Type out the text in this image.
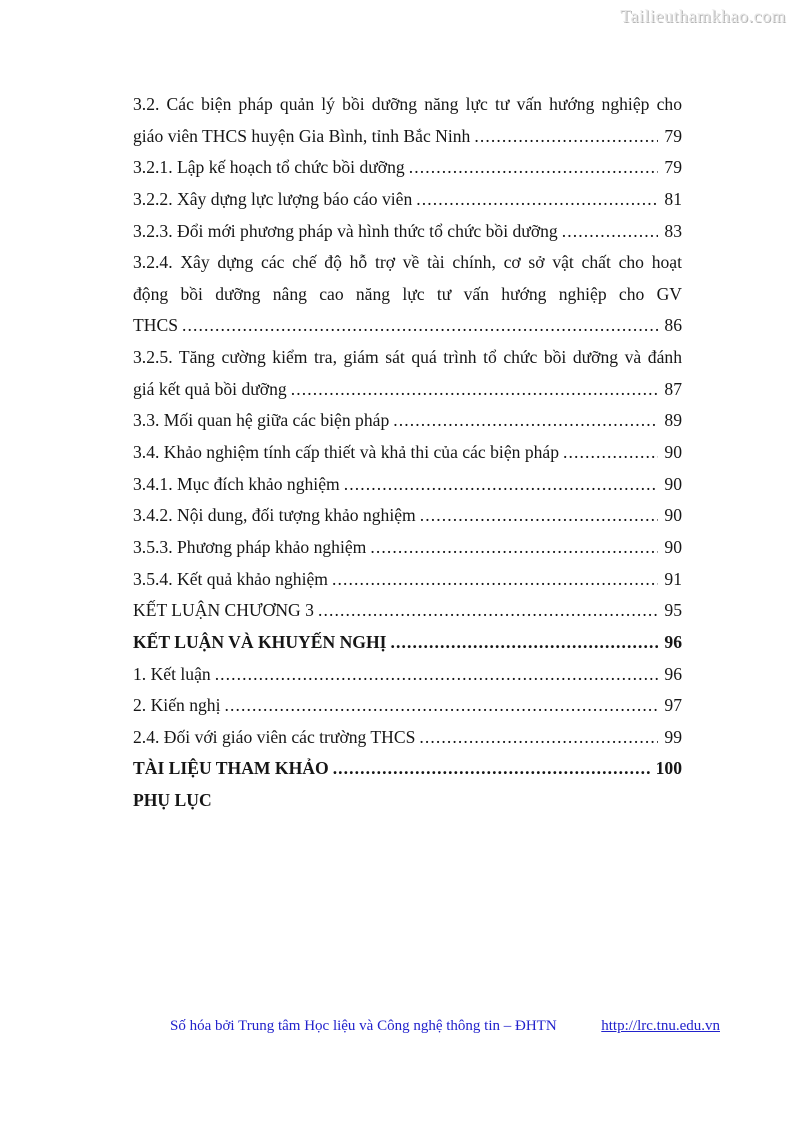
Tailieuthamkhao.com
3.2. Các biện pháp quản lý bồi dưỡng năng lực tư vấn hướng nghiệp cho
giáo viên THCS huyện Gia Bình, tỉnh Bắc Ninh .....	79
3.2.1. Lập kế hoạch tổ chức bồi dưỡng .....	79
3.2.2. Xây dựng lực lượng báo cáo viên .....	81
3.2.3. Đổi mới phương pháp và hình thức tổ chức bồi dưỡng .....	83
3.2.4. Xây dựng các chế độ hỗ trợ về tài chính, cơ sở vật chất cho hoạt
động bồi dưỡng nâng cao năng lực tư vấn hướng nghiệp cho GV
THCS .....	86
3.2.5. Tăng cường kiểm tra, giám sát quá trình tổ chức bồi dưỡng và đánh
giá kết quả bồi dưỡng .....	87
3.3. Mối quan hệ giữa các biện pháp .....	89
3.4. Khảo nghiệm tính cấp thiết và khả thi của các biện pháp .....	90
3.4.1. Mục đích khảo nghiệm .....	90
3.4.2. Nội dung, đối tượng khảo nghiệm .....	90
3.5.3. Phương pháp khảo nghiệm .....	90
3.5.4. Kết quả khảo nghiệm .....	91
KẾT LUẬN CHƯƠNG 3 .....	95
KẾT LUẬN VÀ KHUYẾN NGHỊ .....	96
1. Kết luận .....	96
2. Kiến nghị .....	97
2.4. Đối với giáo viên các trường THCS .....	99
TÀI LIỆU THAM KHẢO .....	100
PHỤ LỤC
Số hóa bởi Trung tâm Học liệu và Công nghệ thông tin – ĐHTN	http://lrc.tnu.edu.vn
